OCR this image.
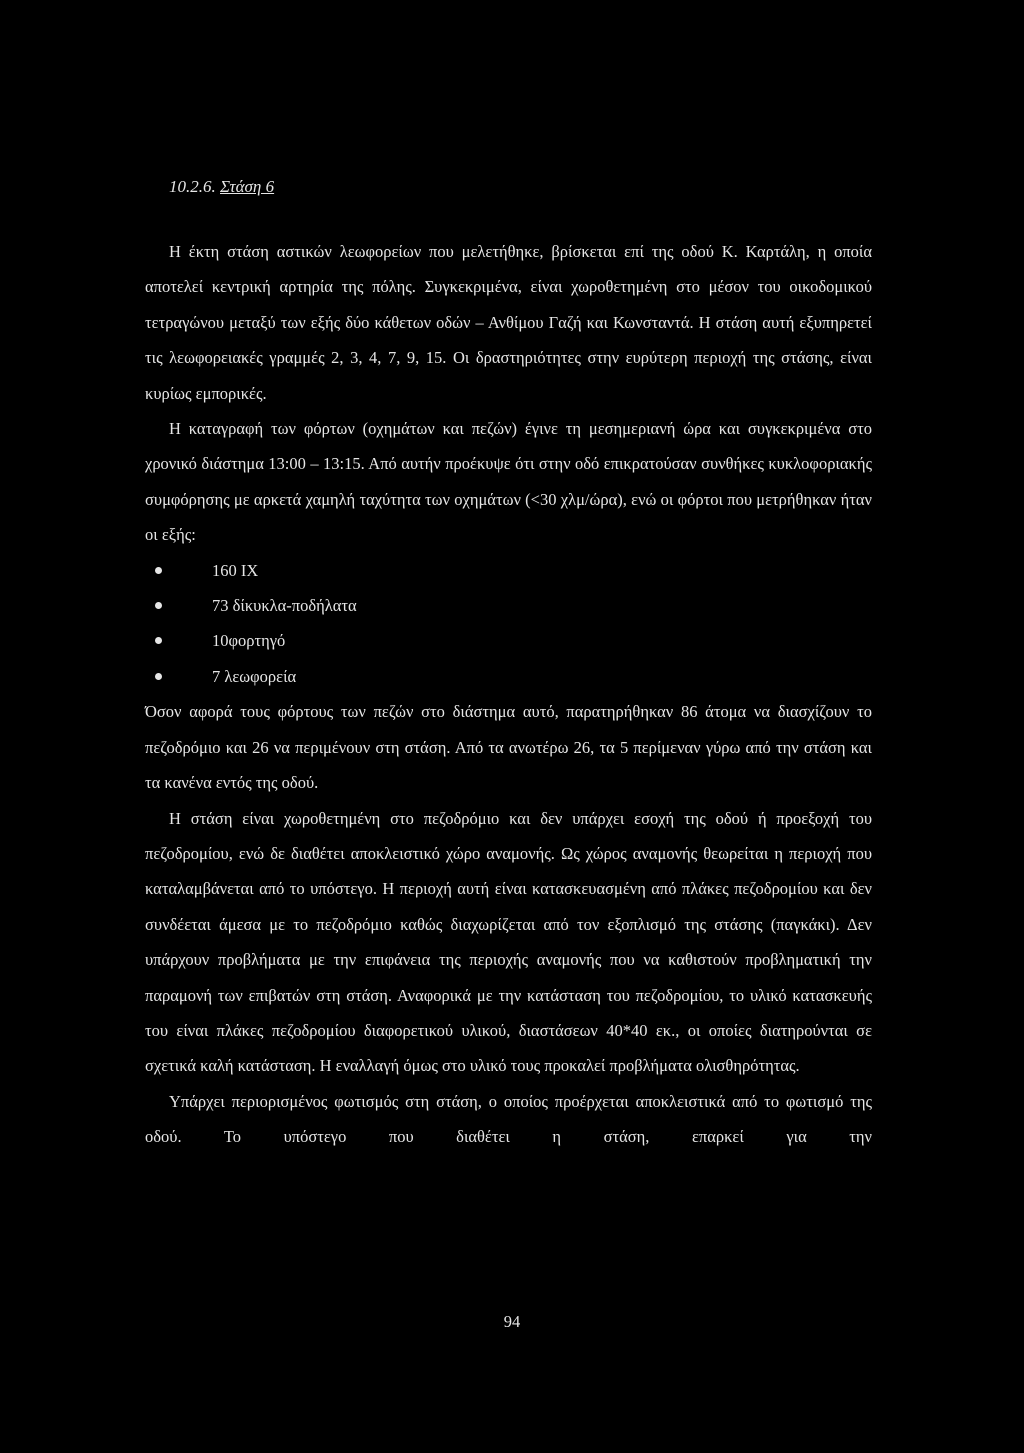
10.2.6. Στάση 6

Η έκτη στάση αστικών λεωφορείων που μελετήθηκε, βρίσκεται επί της οδού Κ. Καρτάλη, η οποία αποτελεί κεντρική αρτηρία της πόλης. Συγκεκριμένα, είναι χωροθετημένη στο μέσον του οικοδομικού τετραγώνου μεταξύ των εξής δύο κάθετων οδών – Ανθίμου Γαζή και Κωνσταντά. Η στάση αυτή εξυπηρετεί τις λεωφορειακές γραμμές 2, 3, 4, 7, 9, 15. Οι δραστηριότητες στην ευρύτερη περιοχή της στάσης, είναι κυρίως εμπορικές.

Η καταγραφή των φόρτων (οχημάτων και πεζών) έγινε τη μεσημεριανή ώρα και συγκεκριμένα στο χρονικό διάστημα 13:00 – 13:15. Από αυτήν προέκυψε ότι στην οδό επικρατούσαν συνθήκες κυκλοφοριακής συμφόρησης με αρκετά χαμηλή ταχύτητα των οχημάτων (<30 χλμ/ώρα), ενώ οι φόρτοι που μετρήθηκαν ήταν οι εξής:

160 ΙΧ
73 δίκυκλα-ποδήλατα
10φορτηγό
7 λεωφορεία

Όσον αφορά τους φόρτους των πεζών στο διάστημα αυτό, παρατηρήθηκαν 86 άτομα να διασχίζουν το πεζοδρόμιο και 26 να περιμένουν στη στάση. Από τα ανωτέρω 26, τα 5 περίμεναν γύρω από την στάση και τα κανένα εντός της οδού.

Η στάση είναι χωροθετημένη στο πεζοδρόμιο και δεν υπάρχει εσοχή της οδού ή προεξοχή του πεζοδρομίου, ενώ δε διαθέτει αποκλειστικό χώρο αναμονής. Ως χώρος αναμονής θεωρείται η περιοχή που καταλαμβάνεται από το υπόστεγο. Η περιοχή αυτή είναι κατασκευασμένη από πλάκες πεζοδρομίου και δεν συνδέεται άμεσα με το πεζοδρόμιο καθώς διαχωρίζεται από τον εξοπλισμό της στάσης (παγκάκι). Δεν υπάρχουν προβλήματα με την επιφάνεια της περιοχής αναμονής που να καθιστούν προβληματική την παραμονή των επιβατών στη στάση. Αναφορικά με την κατάσταση του πεζοδρομίου, το υλικό κατασκευής του είναι πλάκες πεζοδρομίου διαφορετικού υλικού, διαστάσεων 40*40 εκ., οι οποίες διατηρούνται σε σχετικά καλή κατάσταση. Η εναλλαγή όμως στο υλικό τους προκαλεί προβλήματα ολισθηρότητας.

Υπάρχει περιορισμένος φωτισμός στη στάση, ο οποίος προέρχεται αποκλειστικά από το φωτισμό της οδού. Το υπόστεγο που διαθέτει η στάση, επαρκεί για την

94
